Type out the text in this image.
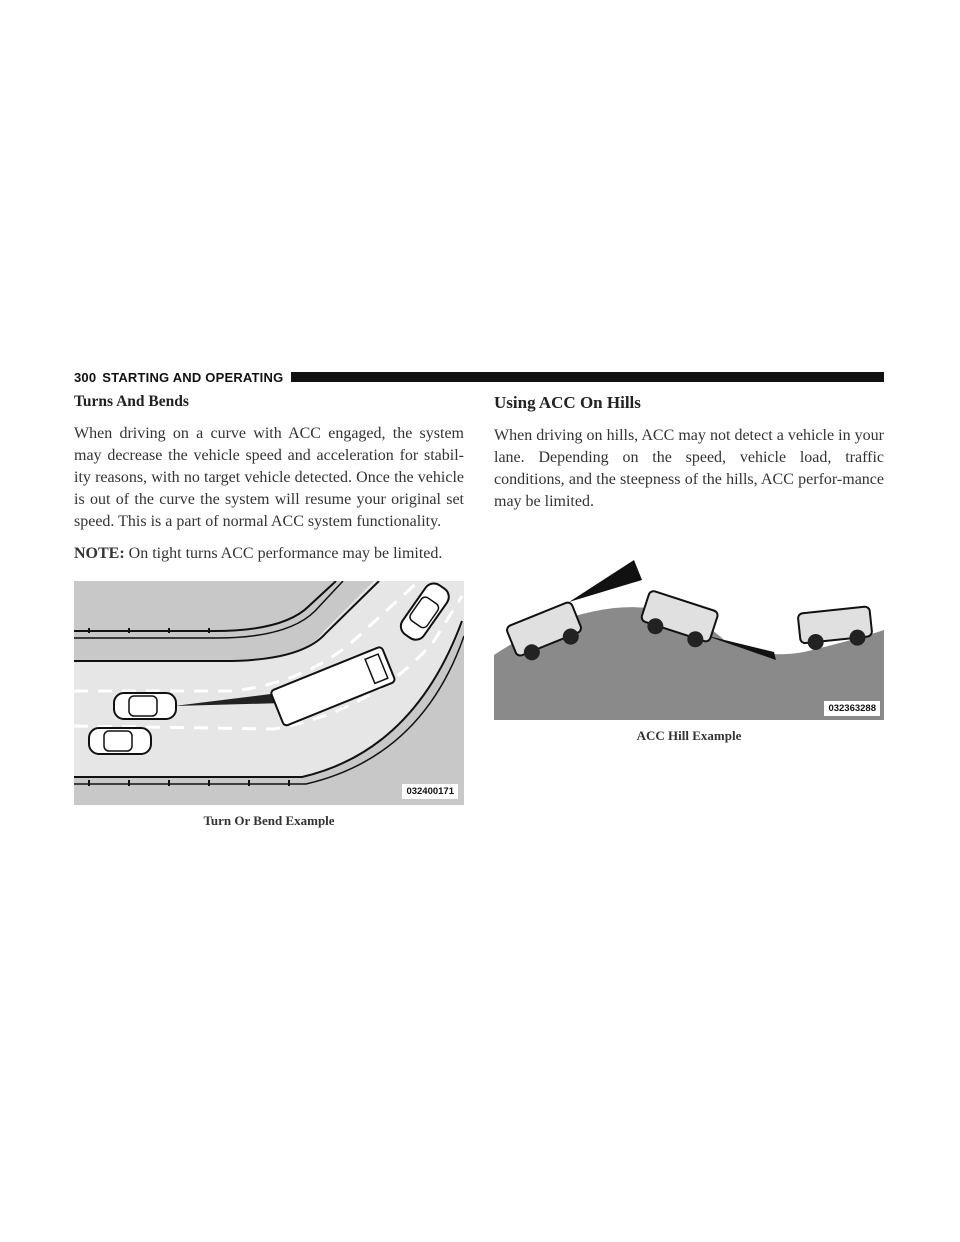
300 STARTING AND OPERATING
Turns And Bends

When driving on a curve with ACC engaged, the system may decrease the vehicle speed and acceleration for stabil-ity reasons, with no target vehicle detected. Once the vehicle is out of the curve the system will resume your original set speed. This is a part of normal ACC system functionality.

NOTE: On tight turns ACC performance may be limited.

Using ACC On Hills

When driving on hills, ACC may not detect a vehicle in your lane. Depending on the speed, vehicle load, traffic conditions, and the steepness of the hills, ACC perfor-mance may be limited.

032400171
Turn Or Bend Example
032363288
ACC Hill Example
